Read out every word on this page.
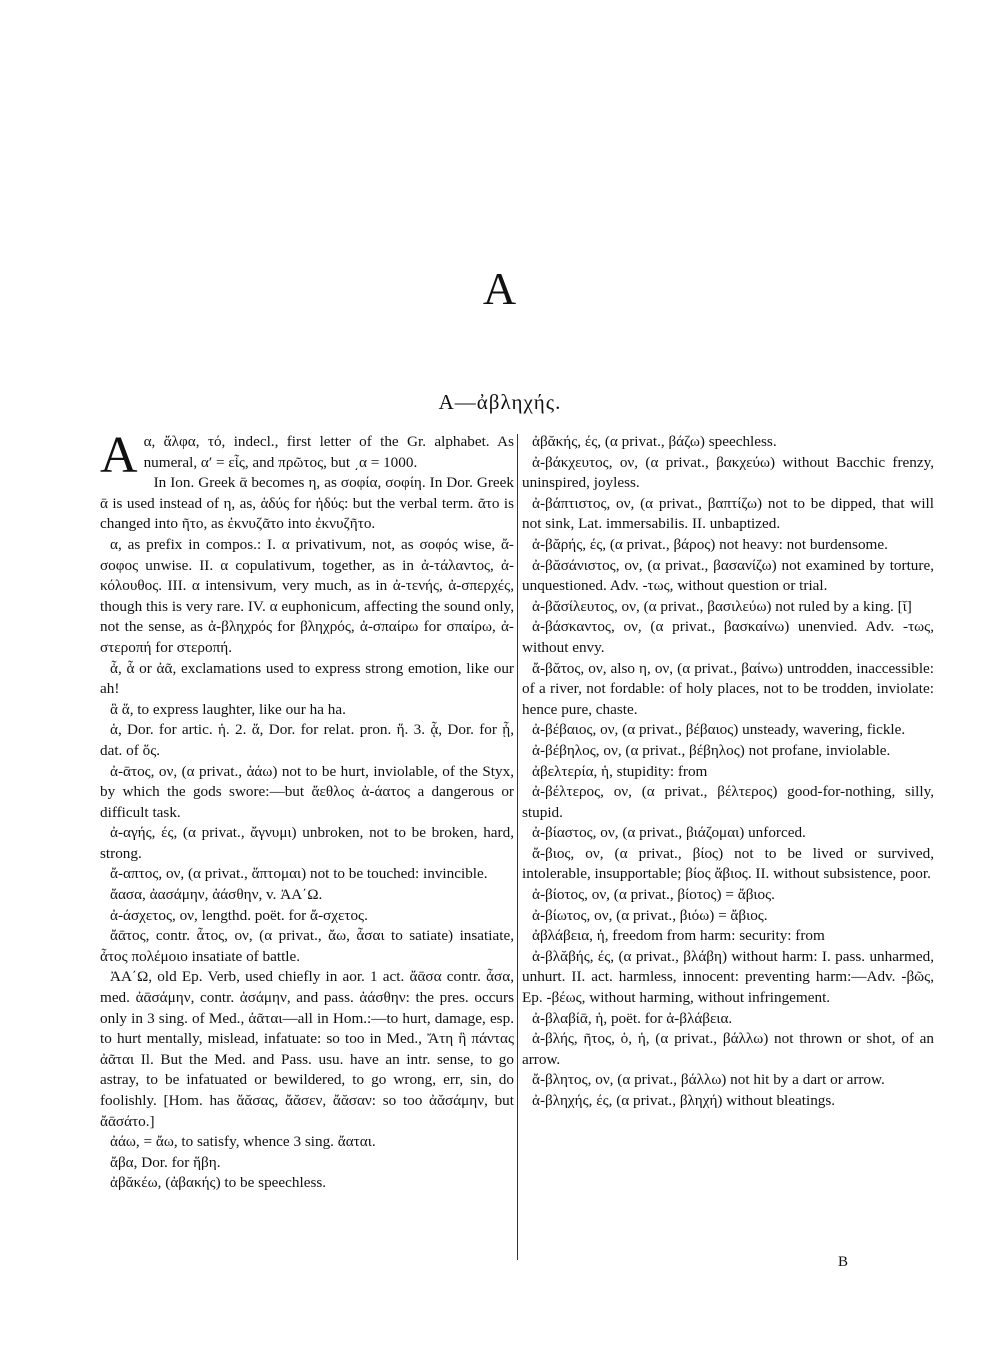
A
A—ἀβληχής.

Aα, ἄλφα, τό, indecl., first letter of the Gr. alphabet. As numeral, α′ = εἷς, and πρῶτος, but ͵α = 1000.

In Ion. Greek ᾱ becomes η, as σοφία, σοφίη. In Dor. Greek ᾱ is used instead of η, as, ἁδύς for ἡδύς: but the verbal term. ᾶτο is changed into ῆτο, as ἐκνυζᾶτο into ἐκνυζῆτο.

α, as prefix in compos.: I. α privativum, not, as σοφός wise, ἄ-σοφος unwise. II. α copulativum, together, as in ἀ-τάλαντος, ἀ-κόλουθος. III. α intensivum, very much, as in ἀ-τενής, ἀ-σπερχές, though this is very rare. IV. α euphonicum, affecting the sound only, not the sense, as ἀ-βληχρός for βληχρός, ἀ-σπαίρω for σπαίρω, ἀ-στεροπή for στεροπή.

ἆ, ἇ or ἀᾶ, exclamations used to express strong emotion, like our ah!

ἃ ἅ, to express laughter, like our ha ha.

ἁ, Dor. for artic. ἡ. 2. ἅ, Dor. for relat. pron. ἥ. 3. ᾇ, Dor. for ᾗ, dat. of ὅς.

ἀ-ᾱτος, ον, (α privat., ἀάω) not to be hurt, inviolable, of the Styx, by which the gods swore:—but ἄεθλος ἀ-άατος a dangerous or difficult task.

ἀ-αγής, ές, (α privat., ἄγνυμι) unbroken, not to be broken, hard, strong.

ἄ-απτος, ον, (α privat., ἅπτομαι) not to be touched: invincible.

ἄασα, ἀασάμην, ἀάσθην, v. ἈΑ΄Ω.

ἀ-άσχετος, ον, lengthd. poët. for ἄ-σχετος.

ἄᾱτος, contr. ἆτος, ον, (α privat., ἄω, ἆσαι to satiate) insatiate, ἆτος πολέμοιο insatiate of battle.

ἈΑ΄Ω, old Ep. Verb, used chiefly in aor. 1 act. ἄᾱσα contr. ἆσα, med. ἀᾱσάμην, contr. ἀσάμην, and pass. ἀάσθην: the pres. occurs only in 3 sing. of Med., ἀᾶται—all in Hom.:—to hurt, damage, esp. to hurt mentally, mislead, infatuate: so too in Med., Ἄτη ἣ πάντας ἀᾶται Il. But the Med. and Pass. usu. have an intr. sense, to go astray, to be infatuated or bewildered, to go wrong, err, sin, do foolishly. [Hom. has ἄᾰσας, ἄᾰσεν, ἄᾰσαν: so too ἀᾰσάμην, but ἄᾱσάτο.]

ἀάω, = ἄω, to satisfy, whence 3 sing. ἄαται.

ἄβα, Dor. for ἥβη.

ἀβᾰκέω, (ἀβακής) to be speechless.

ἀβᾰκής, ές, (α privat., βάζω) speechless.

ἀ-βάκχευτος, ον, (α privat., βακχεύω) without Bacchic frenzy, uninspired, joyless.

ἀ-βάπτιστος, ον, (α privat., βαπτίζω) not to be dipped, that will not sink, Lat. immersabilis. II. unbaptized.

ἀ-βᾰρής, ές, (α privat., βάρος) not heavy: not burdensome.

ἀ-βᾰσάνιστος, ον, (α privat., βασανίζω) not examined by torture, unquestioned. Adv. -τως, without question or trial.

ἀ-βᾰσίλευτος, ον, (α privat., βασιλεύω) not ruled by a king. [ῐ]

ἀ-βάσκαντος, ον, (α privat., βασκαίνω) unenvied. Adv. -τως, without envy.

ἄ-βᾰτος, ον, also η, ον, (α privat., βαίνω) untrodden, inaccessible: of a river, not fordable: of holy places, not to be trodden, inviolate: hence pure, chaste.

ἀ-βέβαιος, ον, (α privat., βέβαιος) unsteady, wavering, fickle.

ἀ-βέβηλος, ον, (α privat., βέβηλος) not profane, inviolable.

ἀβελτερία, ἡ, stupidity: from

ἀ-βέλτερος, ον, (α privat., βέλτερος) good-for-nothing, silly, stupid.

ἀ-βίαστος, ον, (α privat., βιάζομαι) unforced.

ἄ-βιος, ον, (α privat., βίος) not to be lived or survived, intolerable, insupportable; βίος ἄβιος. II. without subsistence, poor.

ἀ-βίοτος, ον, (α privat., βίοτος) = ἄβιος.

ἀ-βίωτος, ον, (α privat., βιόω) = ἄβιος.

ἀβλάβεια, ἡ, freedom from harm: security: from

ἀ-βλᾰβής, ές, (α privat., βλάβη) without harm: I. pass. unharmed, unhurt. II. act. harmless, innocent: preventing harm:—Adv. -βῶς, Ep. -βέως, without harming, without infringement.

ἀ-βλαβίᾱ, ἡ, poët. for ἀ-βλάβεια.

ἀ-βλής, ῆτος, ὁ, ἡ, (α privat., βάλλω) not thrown or shot, of an arrow.

ἄ-βλητος, ον, (α privat., βάλλω) not hit by a dart or arrow.

ἀ-βληχής, ές, (α privat., βληχή) without bleatings.

B
